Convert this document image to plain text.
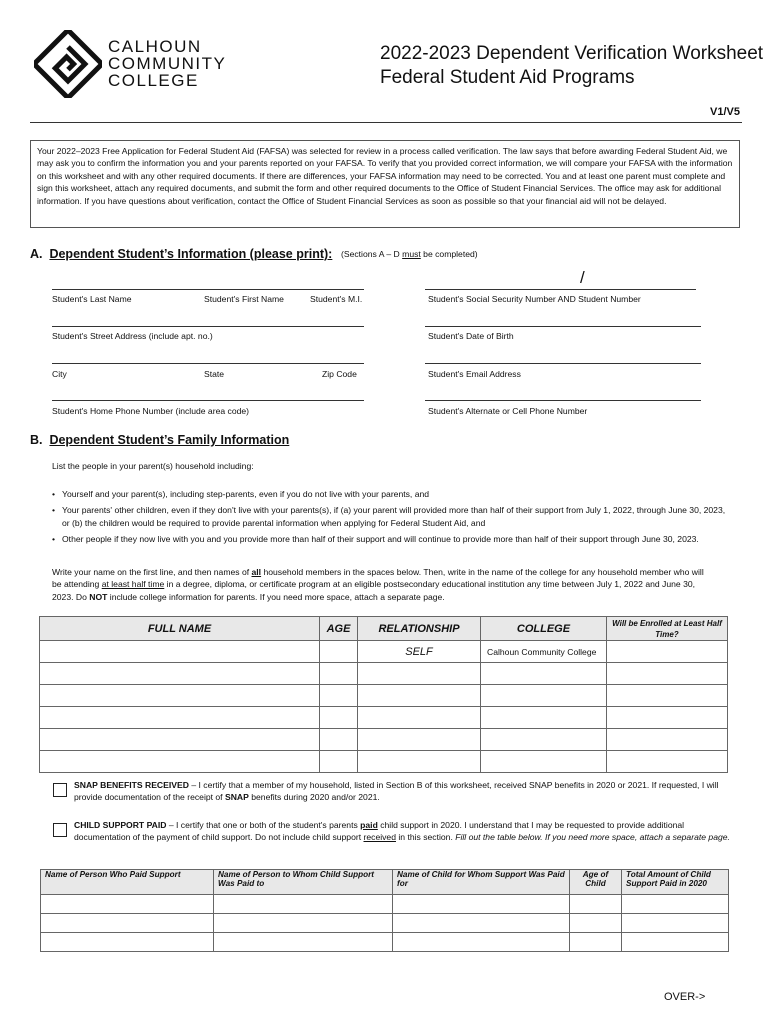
CALHOUN
COMMUNITY
COLLEGE
2022-2023 Dependent Verification Worksheet
Federal Student Aid Programs
V1/V5
Your 2022–2023 Free Application for Federal Student Aid (FAFSA) was selected for review in a process called verification. The law says that before awarding Federal Student Aid, we may ask you to confirm the information you and your parents reported on your FAFSA. To verify that you provided correct information, we will compare your FAFSA with the information on this worksheet and with any other required documents. If there are differences, your FAFSA information may need to be corrected. You and at least one parent must complete and sign this worksheet, attach any required documents, and submit the form and other required documents to the Office of Student Financial Services. The office may ask for additional information. If you have questions about verification, contact the Office of Student Financial Services as soon as possible so that your financial aid will not be delayed.
A. Dependent Student’s Information (please print): (Sections A – D must be completed)
/
Student's Last Name	Student's First Name	Student's M.I.	Student's Social Security Number AND Student Number
Student's Street Address (include apt. no.)	Student's Date of Birth
City	State	Zip Code	Student's Email Address
Student's Home Phone Number (include area code)	Student's Alternate or Cell Phone Number
B. Dependent Student’s Family Information
List the people in your parent(s) household including:
• Yourself and your parent(s), including step-parents, even if you do not live with your parents, and
• Your parents' other children, even if they don't live with your parents(s), if (a) your parent will provided more than half of their support from July 1, 2022, through June 30, 2023, or (b) the children would be required to provide parental information when applying for Federal Student Aid, and
• Other people if they now live with you and you provide more than half of their support and will continue to provide more than half of their support through June 30, 2023.
Write your name on the first line, and then names of all household members in the spaces below. Then, write in the name of the college for any household member who will be attending at least half time in a degree, diploma, or certificate program at an eligible postsecondary educational institution any time between July 1, 2022 and June 30, 2023. Do NOT include college information for parents. If you need more space, attach a separate page.
FULL NAME	AGE	RELATIONSHIP	COLLEGE	Will be Enrolled at Least Half Time?
		SELF	Calhoun Community College	

SNAP BENEFITS RECEIVED – I certify that a member of my household, listed in Section B of this worksheet, received SNAP benefits in 2020 or 2021. If requested, I will provide documentation of the receipt of SNAP benefits during 2020 and/or 2021.
CHILD SUPPORT PAID – I certify that one or both of the student's parents paid child support in 2020. I understand that I may be requested to provide additional documentation of the payment of child support. Do not include child support received in this section. Fill out the table below. If you need more space, attach a separate page.
Name of Person Who Paid Support	Name of Person to Whom Child Support Was Paid to	Name of Child for Whom Support Was Paid for	Age of Child	Total Amount of Child Support Paid in 2020

OVER->
